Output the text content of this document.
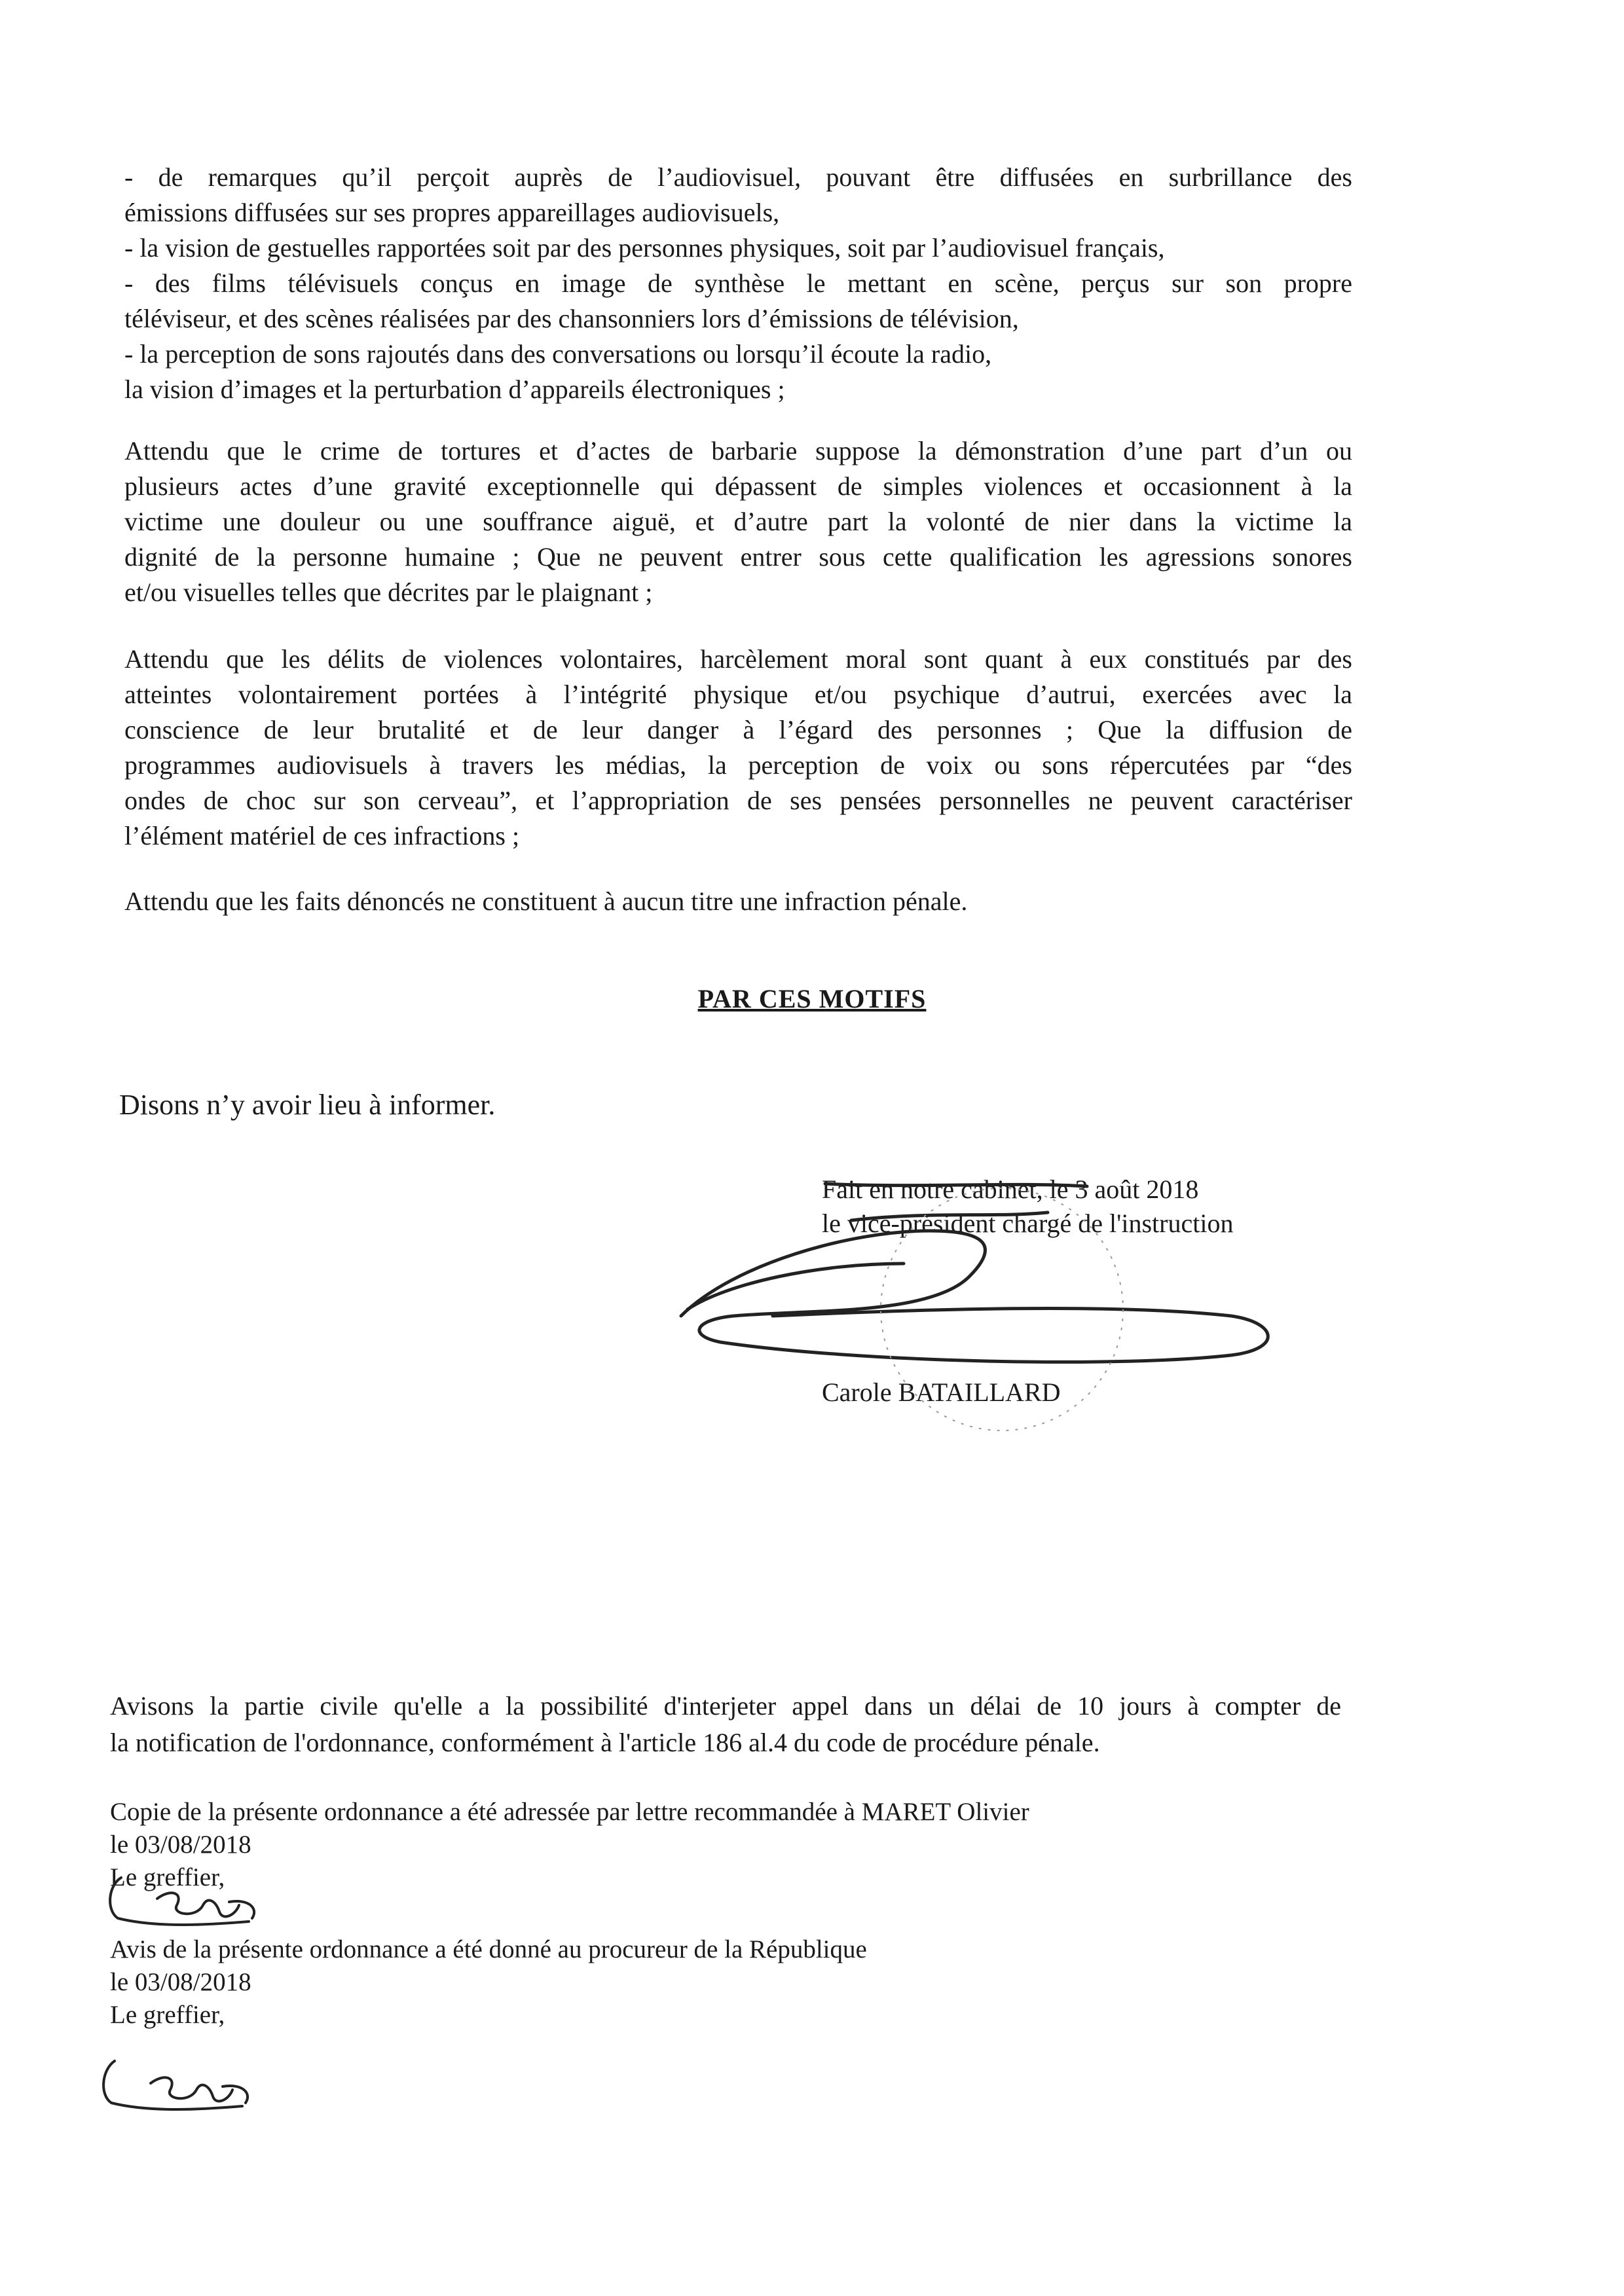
- de remarques qu’il perçoit auprès de l’audiovisuel, pouvant être diffusées en surbrillance des
émissions diffusées sur ses propres appareillages audiovisuels,
- la vision de gestuelles rapportées soit par des personnes physiques, soit par l’audiovisuel français,
- des films télévisuels conçus en image de synthèse le mettant en scène, perçus sur son propre
téléviseur, et des scènes réalisées par des chansonniers lors d’émissions de télévision,
- la perception de sons rajoutés dans des conversations ou lorsqu’il écoute la radio,
la vision d’images et la perturbation d’appareils électroniques ;
Attendu que le crime de tortures et d’actes de barbarie suppose la démonstration d’une part d’un ou
plusieurs actes d’une gravité exceptionnelle qui dépassent de simples violences et occasionnent à la
victime une douleur ou une souffrance aiguë, et d’autre part la volonté de nier dans la victime la
dignité de la personne humaine ; Que ne peuvent entrer sous cette qualification les agressions sonores
et/ou visuelles telles que décrites par le plaignant ;
Attendu que les délits de violences volontaires, harcèlement moral sont quant à eux constitués par des
atteintes volontairement portées à l’intégrité physique et/ou psychique d’autrui, exercées avec la
conscience de leur brutalité et de leur danger à l’égard des personnes ; Que la diffusion de
programmes audiovisuels à travers les médias, la perception de voix ou sons répercutées par “des
ondes de choc sur son cerveau”, et l’appropriation de ses pensées personnelles ne peuvent caractériser
l’élément matériel de ces infractions ;
Attendu que les faits dénoncés ne constituent à aucun titre une infraction pénale.
PAR CES MOTIFS
Disons n’y avoir lieu à informer.
Fait en notre cabinet, le 3 août 2018
le vice-président chargé de l'instruction
Carole BATAILLARD
Avisons la partie civile qu'elle a la possibilité d'interjeter appel dans un délai de 10 jours à compter de
la notification de l'ordonnance, conformément à l'article 186 al.4 du code de procédure pénale.
Copie de la présente ordonnance a été adressée par lettre recommandée à MARET Olivier
le 03/08/2018
Le greffier,
Avis de la présente ordonnance a été donné au procureur de la République
le 03/08/2018
Le greffier,
